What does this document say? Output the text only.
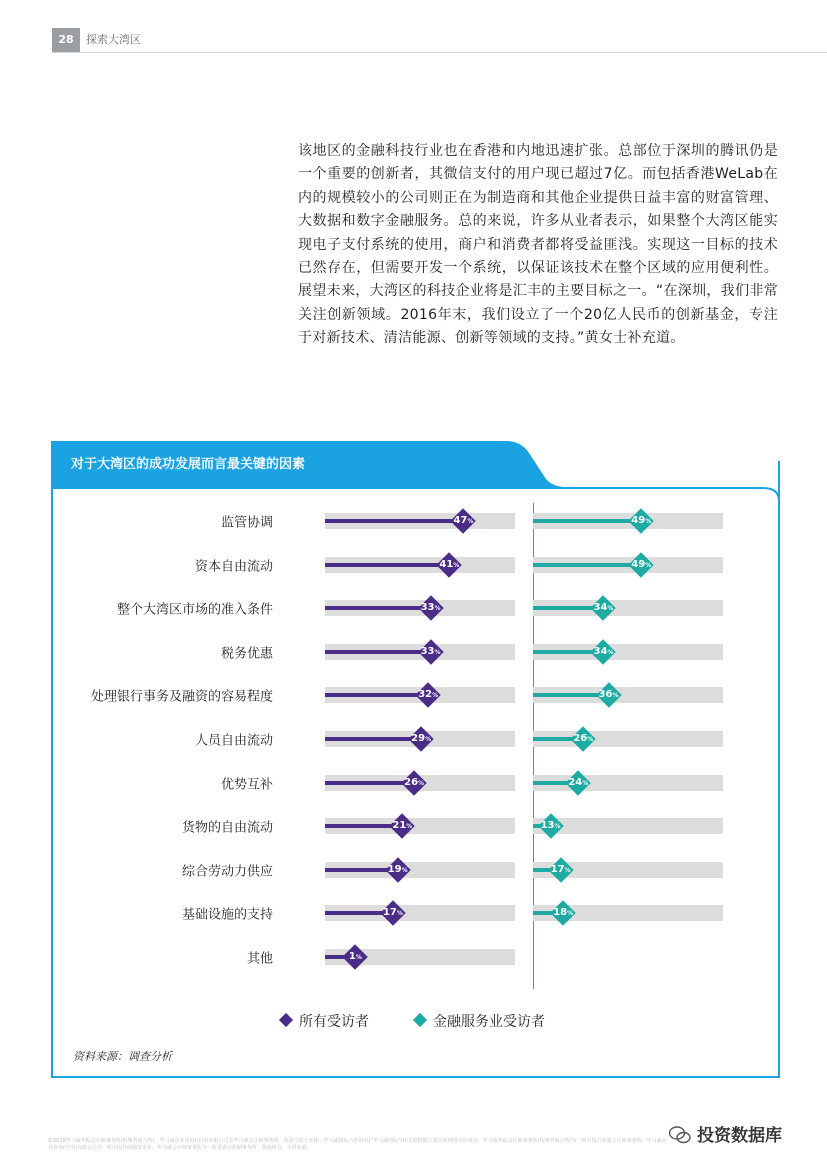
28	探索大湾区
该地区的金融科技行业也在香港和内地迅速扩张。总部位于深圳的腾讯仍是一个重要的创新者，其微信支付的用户现已超过7亿。而包括香港WeLab在内的规模较小的公司则正在为制造商和其他企业提供日益丰富的财富管理、大数据和数字金融服务。总的来说，许多从业者表示，如果整个大湾区能实现电子支付系统的使用，商户和消费者都将受益匪浅。实现这一目标的技术已然存在，但需要开发一个系统，以保证该技术在整个区域的应用便利性。展望未来，大湾区的科技企业将是汇丰的主要目标之一。“在深圳，我们非常关注创新领域。2016年末，我们设立了一个20亿人民币的创新基金，专注于对新技术、清洁能源、创新等领域的支持。”黄女士补充道。
对于大湾区的成功发展而言最关键的因素
监管协调	47%	49%
资本自由流动	41%	49%
整个大湾区市场的准入条件	33%	34%
税务优惠	33%	34%
处理银行事务及融资的容易程度	32%	36%
人员自由流动	29%	26%
优势互补	26%	24%
货物的自由流动	21%	13%
综合劳动力供应	19%	17%
基础设施的支持	17%	18%
其他	1%
所有受访者	金融服务业受访者
资料来源：调查分析
©2018毕马威华振会计师事务所(特殊普通合伙)、毕马威企业咨询(中国)有限公司及毕马威会计师事务所，均是与瑞士实体－毕马威国际合作组织(“毕马威国际”)相关联的独立成员所网络中的成员。毕马威华振会计师事务所(特殊普通合伙)为一所中国合伙制会计师事务所；毕马威企业咨询(中国)有限公司为一所中国外商独资企业；毕马威会计师事务所为一所香港合伙制事务所。版权所有，不得转载。
投资数据库
